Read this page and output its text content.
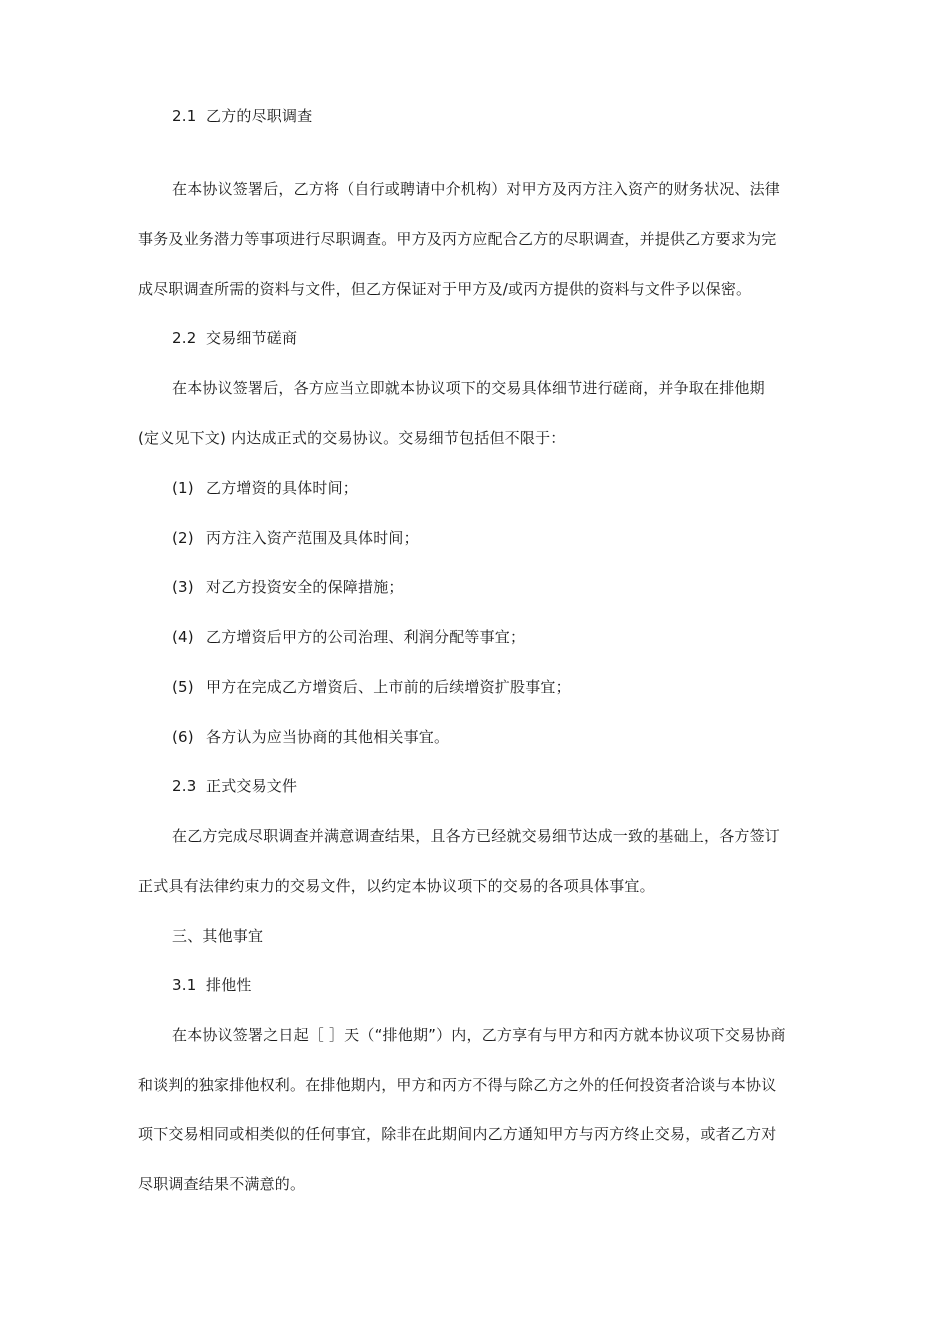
2.1 乙方的尽职调查
在本协议签署后，乙方将（自行或聘请中介机构）对甲方及丙方注入资产的财务状况、法律
事务及业务潜力等事项进行尽职调查。甲方及丙方应配合乙方的尽职调查，并提供乙方要求为完
成尽职调查所需的资料与文件，但乙方保证对于甲方及/或丙方提供的资料与文件予以保密。
2.2 交易细节磋商
在本协议签署后，各方应当立即就本协议项下的交易具体细节进行磋商，并争取在排他期
(定义见下文) 内达成正式的交易协议。交易细节包括但不限于：
(1) 乙方增资的具体时间；
(2) 丙方注入资产范围及具体时间；
(3) 对乙方投资安全的保障措施；
(4) 乙方增资后甲方的公司治理、利润分配等事宜；
(5) 甲方在完成乙方增资后、上市前的后续增资扩股事宜；
(6) 各方认为应当协商的其他相关事宜。
2.3 正式交易文件
在乙方完成尽职调查并满意调查结果，且各方已经就交易细节达成一致的基础上，各方签订
正式具有法律约束力的交易文件，以约定本协议项下的交易的各项具体事宜。
三、其他事宜
3.1 排他性
在本协议签署之日起［ ］天（“排他期”）内，乙方享有与甲方和丙方就本协议项下交易协商
和谈判的独家排他权利。在排他期内，甲方和丙方不得与除乙方之外的任何投资者洽谈与本协议
项下交易相同或相类似的任何事宜，除非在此期间内乙方通知甲方与丙方终止交易，或者乙方对
尽职调查结果不满意的。
